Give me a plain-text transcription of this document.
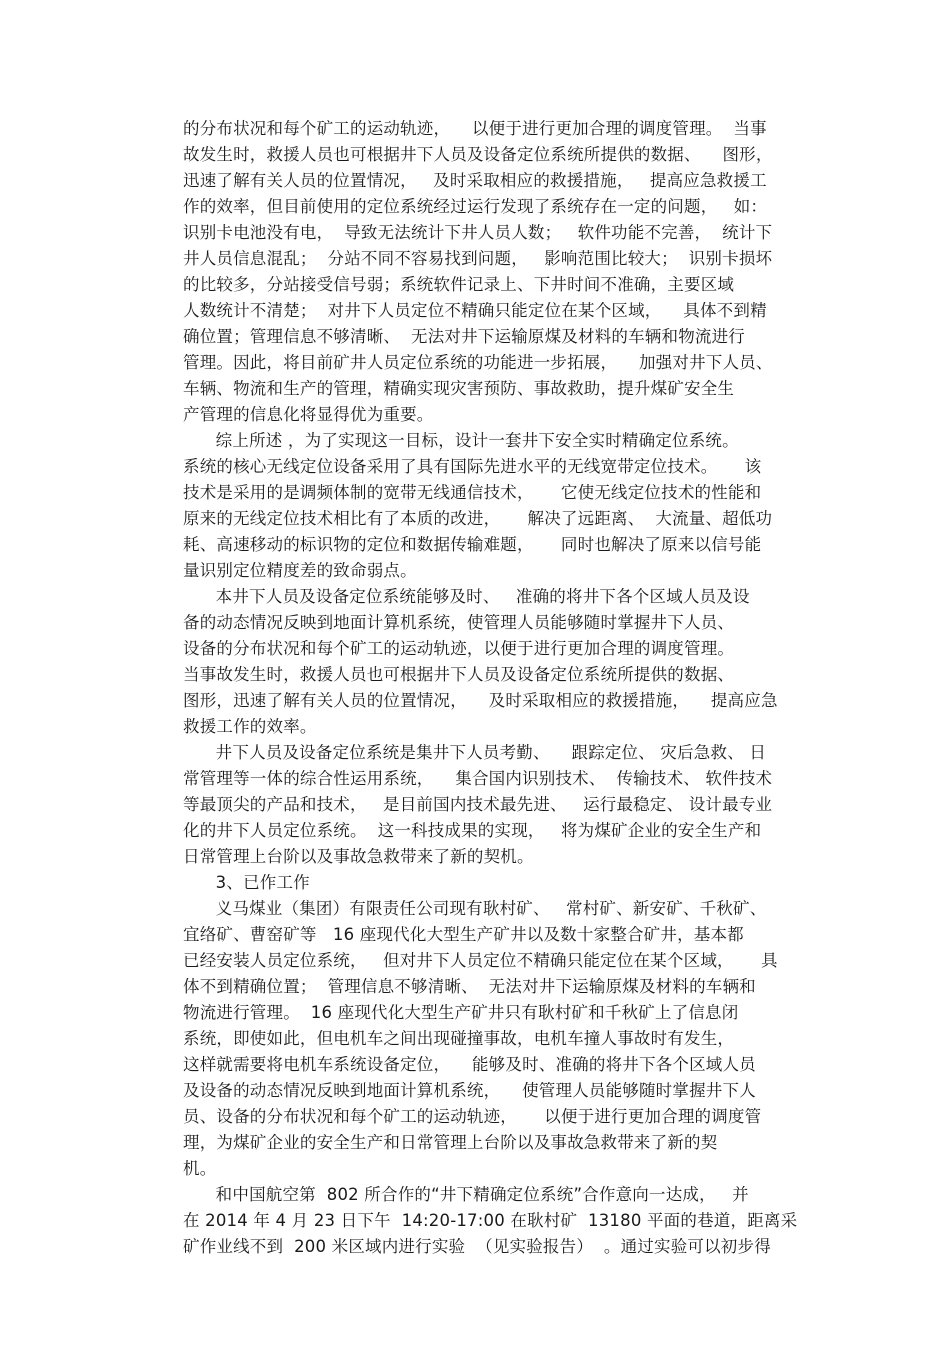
的分布状况和每个矿工的运动轨迹，    以便于进行更加合理的调度管理。  当事
故发生时，救援人员也可根据井下人员及设备定位系统所提供的数据、    图形，
迅速了解有关人员的位置情况，   及时采取相应的救援措施，   提高应急救援工
作的效率，但目前使用的定位系统经过运行发现了系统存在一定的问题，   如：
识别卡电池没有电，  导致无法统计下井人员人数；   软件功能不完善，  统计下
井人员信息混乱；  分站不同不容易找到问题，   影响范围比较大；  识别卡损坏
的比较多，分站接受信号弱；系统软件记录上、下井时间不准确，主要区域
人数统计不清楚；  对井下人员定位不精确只能定位在某个区域，    具体不到精
确位置；管理信息不够清晰、  无法对井下运输原煤及材料的车辆和物流进行
管理。因此，将目前矿井人员定位系统的功能进一步拓展，    加强对井下人员、
车辆、物流和生产的管理，精确实现灾害预防、事故救助，提升煤矿安全生
产管理的信息化将显得优为重要。
综上所述 ，为了实现这一目标，设计一套井下安全实时精确定位系统。
系统的核心无线定位设备采用了具有国际先进水平的无线宽带定位技术。     该
技术是采用的是调频体制的宽带无线通信技术，     它使无线定位技术的性能和
原来的无线定位技术相比有了本质的改进，     解决了远距离、  大流量、超低功
耗、高速移动的标识物的定位和数据传输难题，     同时也解决了原来以信号能
量识别定位精度差的致命弱点。
本井下人员及设备定位系统能够及时、   准确的将井下各个区域人员及设
备的动态情况反映到地面计算机系统，使管理人员能够随时掌握井下人员、
设备的分布状况和每个矿工的运动轨迹，以便于进行更加合理的调度管理。
当事故发生时，救援人员也可根据井下人员及设备定位系统所提供的数据、
图形，迅速了解有关人员的位置情况，    及时采取相应的救援措施，    提高应急
救援工作的效率。
井下人员及设备定位系统是集井下人员考勤、    跟踪定位、 灾后急救、 日
常管理等一体的综合性运用系统，    集合国内识别技术、  传输技术、 软件技术
等最顶尖的产品和技术，   是目前国内技术最先进、   运行最稳定、 设计最专业
化的井下人员定位系统。  这一科技成果的实现，   将为煤矿企业的安全生产和
日常管理上台阶以及事故急救带来了新的契机。
3、已作工作
义马煤业（集团）有限责任公司现有耿村矿、   常村矿、新安矿、千秋矿、
宜络矿、曹窑矿等   16 座现代化大型生产矿井以及数十家整合矿井，基本都
已经安装人员定位系统，   但对井下人员定位不精确只能定位在某个区域，     具
体不到精确位置；  管理信息不够清晰、  无法对井下运输原煤及材料的车辆和
物流进行管理。  16 座现代化大型生产矿井只有耿村矿和千秋矿上了信息闭
系统，即使如此，但电机车之间出现碰撞事故，电机车撞人事故时有发生，
这样就需要将电机车系统设备定位，    能够及时、准确的将井下各个区域人员
及设备的动态情况反映到地面计算机系统，    使管理人员能够随时掌握井下人
员、设备的分布状况和每个矿工的运动轨迹，     以便于进行更加合理的调度管
理，为煤矿企业的安全生产和日常管理上台阶以及事故急救带来了新的契
机。
和中国航空第  802 所合作的“井下精确定位系统”合作意向一达成，   并
在 2014 年 4 月 23 日下午  14:20-17:00 在耿村矿  13180 平面的巷道，距离采
矿作业线不到  200 米区域内进行实验  （见实验报告）  。通过实验可以初步得
